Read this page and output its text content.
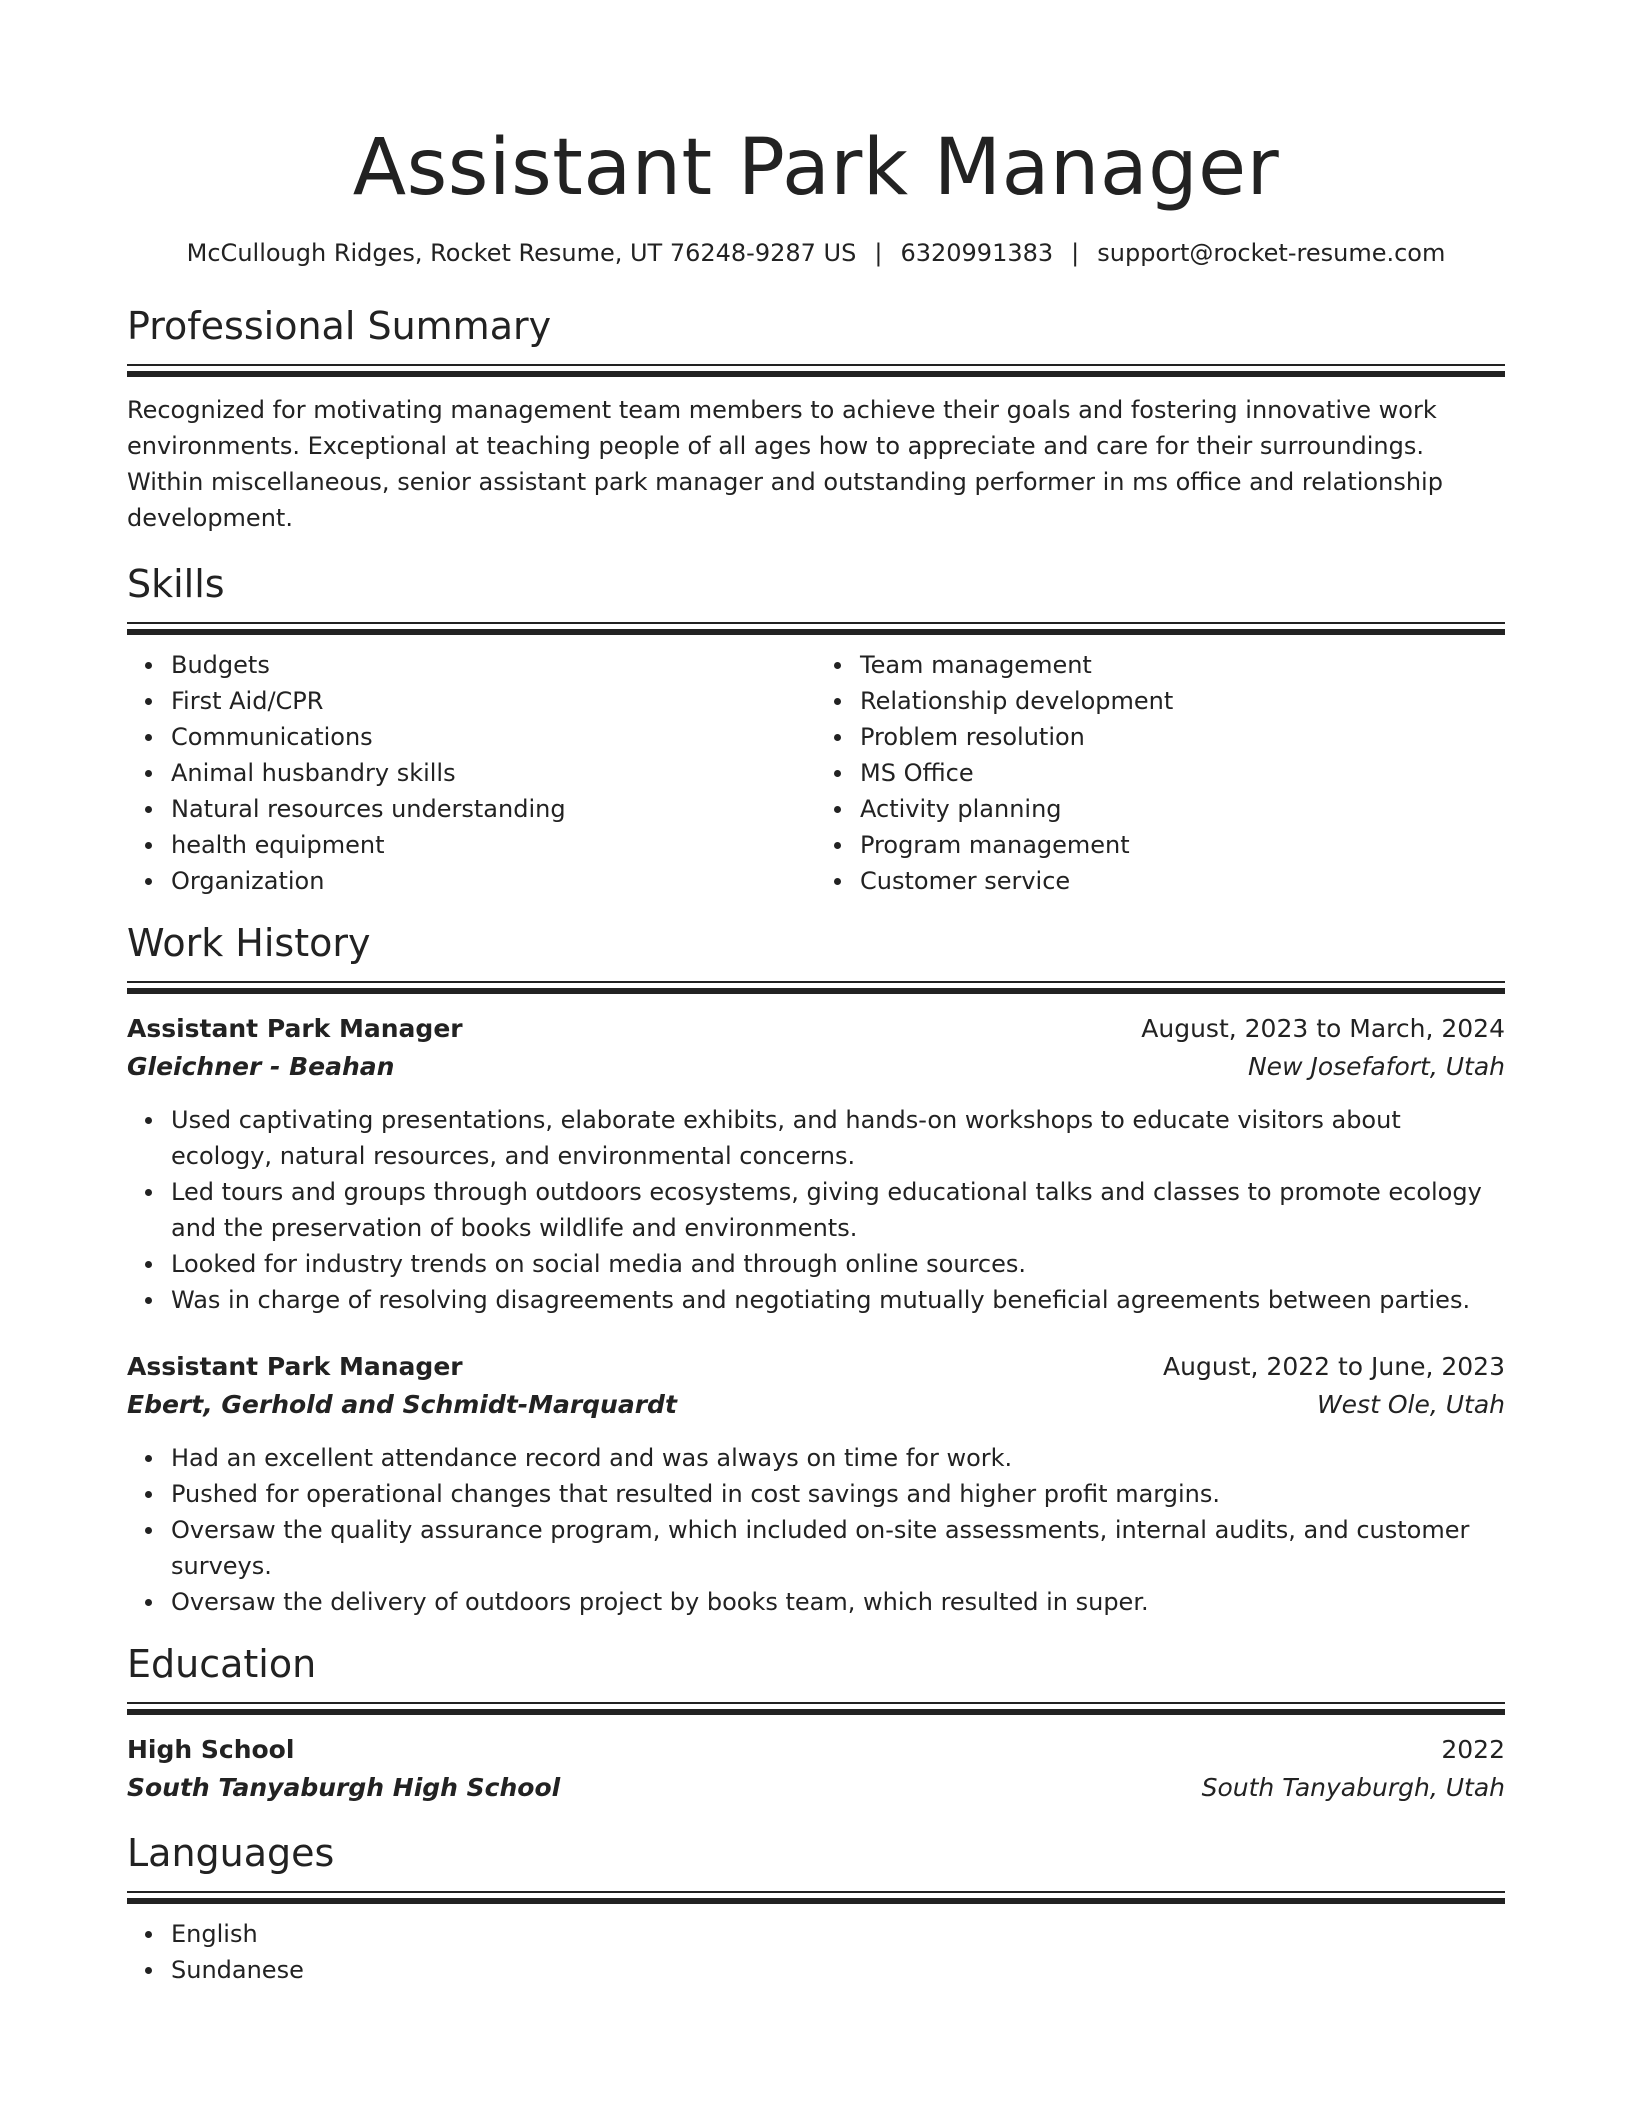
Assistant Park Manager
McCullough Ridges, Rocket Resume, UT 76248-9287 US | 6320991383 | support@rocket-resume.com
Professional Summary
Recognized for motivating management team members to achieve their goals and fostering innovative work environments. Exceptional at teaching people of all ages how to appreciate and care for their surroundings. Within miscellaneous, senior assistant park manager and outstanding performer in ms office and relationship development.
Skills
Budgets
First Aid/CPR
Communications
Animal husbandry skills
Natural resources understanding
health equipment
Organization
Team management
Relationship development
Problem resolution
MS Office
Activity planning
Program management
Customer service
Work History
Assistant Park Manager	August, 2023 to March, 2024
Gleichner - Beahan	New Josefafort, Utah
Used captivating presentations, elaborate exhibits, and hands-on workshops to educate visitors about ecology, natural resources, and environmental concerns.
Led tours and groups through outdoors ecosystems, giving educational talks and classes to promote ecology and the preservation of books wildlife and environments.
Looked for industry trends on social media and through online sources.
Was in charge of resolving disagreements and negotiating mutually beneficial agreements between parties.
Assistant Park Manager	August, 2022 to June, 2023
Ebert, Gerhold and Schmidt-Marquardt	West Ole, Utah
Had an excellent attendance record and was always on time for work.
Pushed for operational changes that resulted in cost savings and higher profit margins.
Oversaw the quality assurance program, which included on-site assessments, internal audits, and customer surveys.
Oversaw the delivery of outdoors project by books team, which resulted in super.
Education
High School	2022
South Tanyaburgh High School	South Tanyaburgh, Utah
Languages
English
Sundanese
